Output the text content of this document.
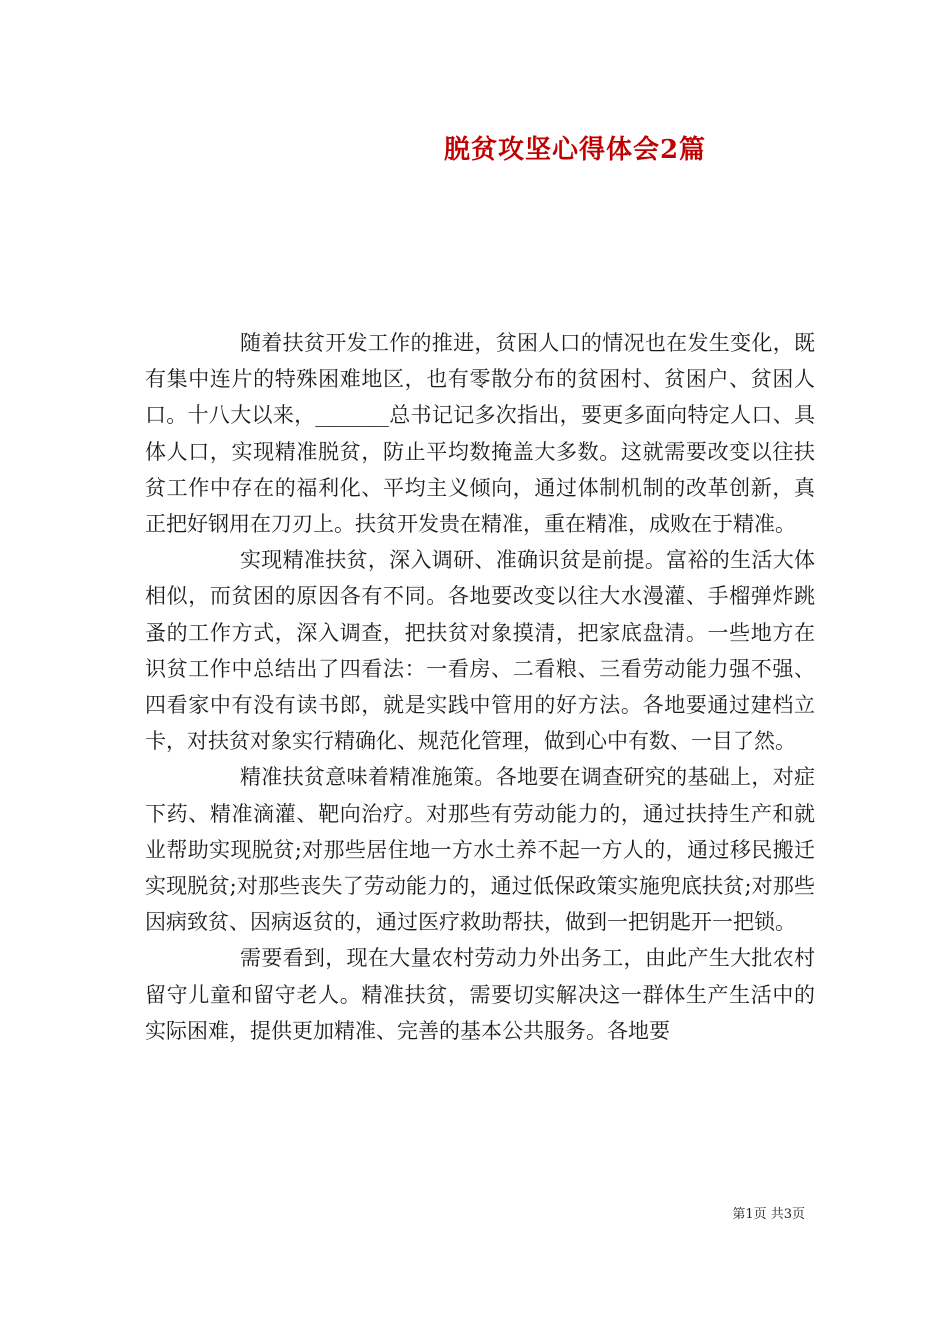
脱贫攻坚心得体会2篇

随着扶贫开发工作的推进，贫困人口的情况也在发生变化，既有集中连片的特殊困难地区，也有零散分布的贫困村、贫困户、贫困人口。十八大以来，_______总书记记多次指出，要更多面向特定人口、具体人口，实现精准脱贫，防止平均数掩盖大多数。这就需要改变以往扶贫工作中存在的福利化、平均主义倾向，通过体制机制的改革创新，真正把好钢用在刀刃上。扶贫开发贵在精准，重在精准，成败在于精准。

实现精准扶贫，深入调研、准确识贫是前提。富裕的生活大体相似，而贫困的原因各有不同。各地要改变以往大水漫灌、手榴弹炸跳蚤的工作方式，深入调查，把扶贫对象摸清，把家底盘清。一些地方在识贫工作中总结出了四看法：一看房、二看粮、三看劳动能力强不强、四看家中有没有读书郎，就是实践中管用的好方法。各地要通过建档立卡，对扶贫对象实行精确化、规范化管理，做到心中有数、一目了然。

精准扶贫意味着精准施策。各地要在调查研究的基础上，对症下药、精准滴灌、靶向治疗。对那些有劳动能力的，通过扶持生产和就业帮助实现脱贫;对那些居住地一方水土养不起一方人的，通过移民搬迁实现脱贫;对那些丧失了劳动能力的，通过低保政策实施兜底扶贫;对那些因病致贫、因病返贫的，通过医疗救助帮扶，做到一把钥匙开一把锁。

需要看到，现在大量农村劳动力外出务工，由此产生大批农村留守儿童和留守老人。精准扶贫，需要切实解决这一群体生产生活中的实际困难，提供更加精准、完善的基本公共服务。各地要

第1页 共3页
